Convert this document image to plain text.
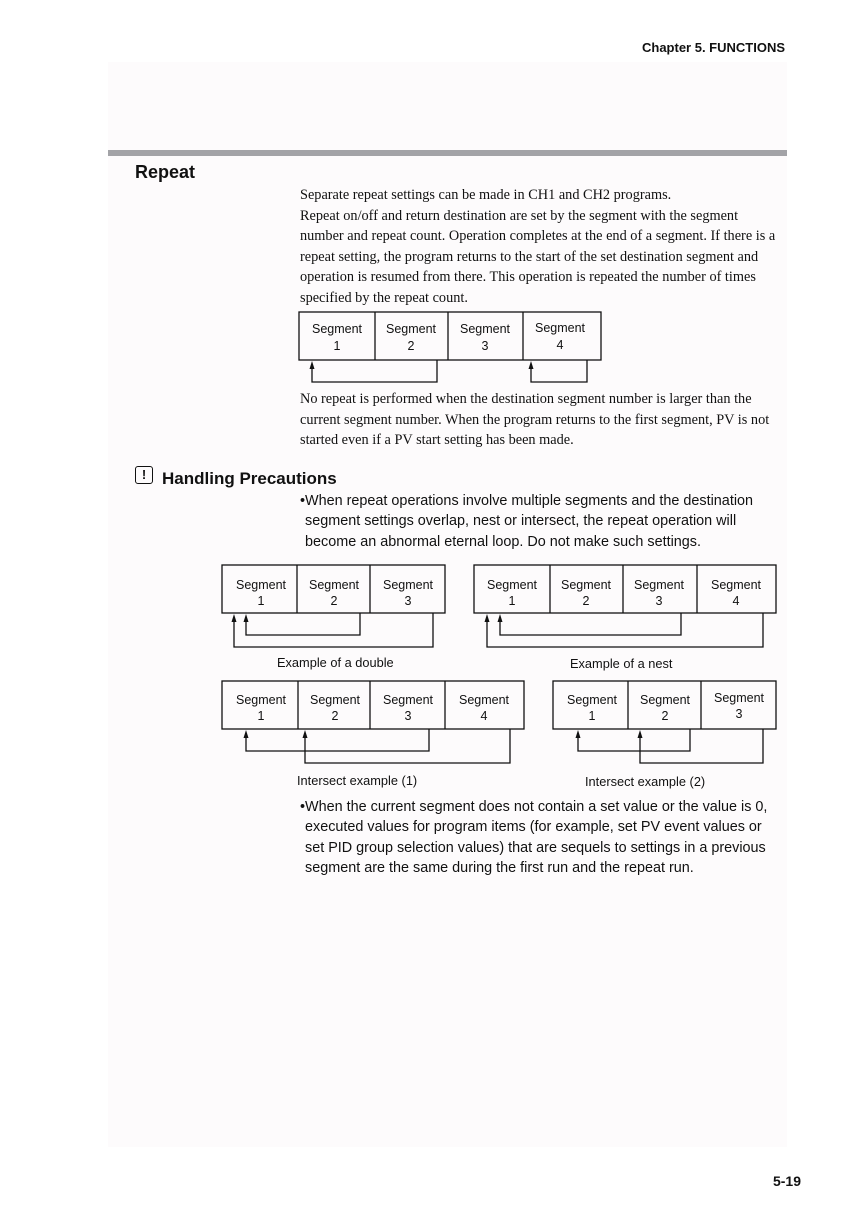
Chapter 5. FUNCTIONS
Repeat
Separate repeat settings can be made in CH1 and CH2 programs.
Repeat on/off and return destination are set by the segment with the segment
number and repeat count. Operation completes at the end of a segment. If there is a
repeat setting, the program returns to the start of the set destination segment and
operation is resumed from there. This operation is repeated the number of times
specified by the repeat count.
Segment
1
Segment
2
Segment
3
Segment
4
No repeat is performed when the destination segment number is larger than the
current segment number. When the program returns to the first segment, PV is not
started even if a PV start setting has been made.
! Handling Precautions
•When repeat operations involve multiple segments and the destination
segment settings overlap, nest or intersect, the repeat operation will
become an abnormal eternal loop. Do not make such settings.
Segment
1
Segment
2
Segment
3
Example of a double
Segment
1
Segment
2
Segment
3
Segment
4
Example of a nest
Segment
1
Segment
2
Segment
3
Segment
4
Intersect example (1)
Segment
1
Segment
2
Segment
3
Intersect example (2)
•When the current segment does not contain a set value or the value is 0,
executed values for program items (for example, set PV event values or
set PID group selection values) that are sequels to settings in a previous
segment are the same during the first run and the repeat run.
5-19
